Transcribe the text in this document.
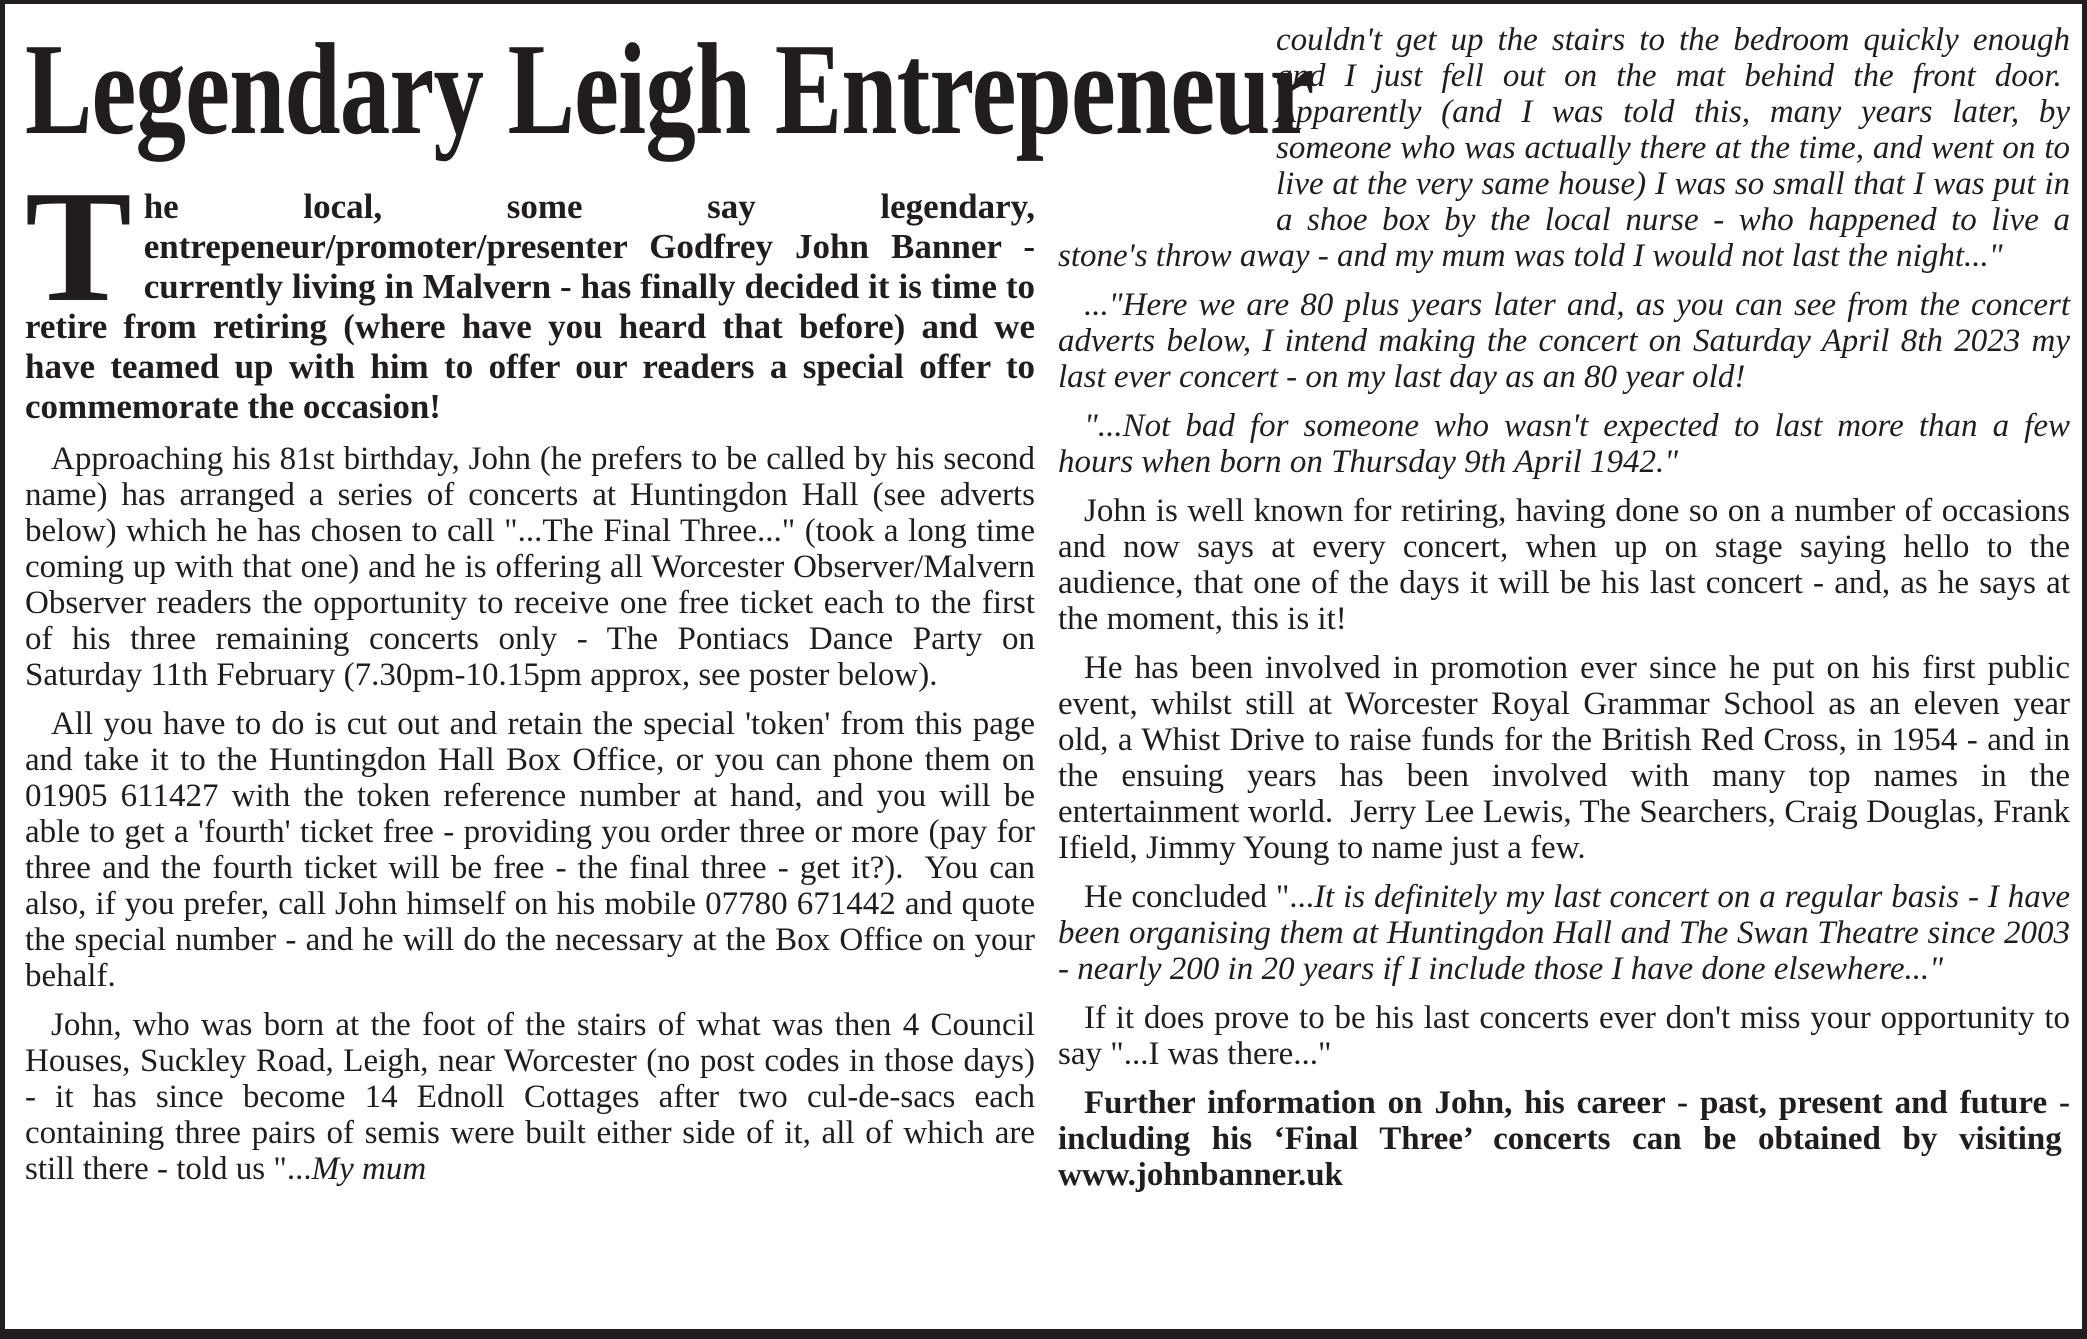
Legendary Leigh Entrepeneur

The local, some say legendary, entrepeneur/promoter/presenter Godfrey John Banner - currently living in Malvern - has finally decided it is time to retire from retiring (where have you heard that before) and we have teamed up with him to offer our readers a special offer to commemorate the occasion!

Approaching his 81st birthday, John (he prefers to be called by his second name) has arranged a series of concerts at Huntingdon Hall (see adverts below) which he has chosen to call "...The Final Three..." (took a long time coming up with that one) and he is offering all Worcester Observer/Malvern Observer readers the opportunity to receive one free ticket each to the first of his three remaining concerts only - The Pontiacs Dance Party on Saturday 11th February (7.30pm-10.15pm approx, see poster below).

All you have to do is cut out and retain the special 'token' from this page and take it to the Huntingdon Hall Box Office, or you can phone them on 01905 611427 with the token reference number at hand, and you will be able to get a 'fourth' ticket free - providing you order three or more (pay for three and the fourth ticket will be free - the final three - get it?).  You can also, if you prefer, call John himself on his mobile 07780 671442 and quote the special number - and he will do the necessary at the Box Office on your behalf.

John, who was born at the foot of the stairs of what was then 4 Council Houses, Suckley Road, Leigh, near Worcester (no post codes in those days) - it has since become 14 Ednoll Cottages after two cul-de-sacs each containing three pairs of semis were built either side of it, all of which are still there - told us "...My mum

couldn't get up the stairs to the bedroom quickly enough and I just fell out on the mat behind the front door.  Apparently (and I was told this, many years later, by someone who was actually there at the time, and went on to live at the very same house) I was so small that I was put in a shoe box by the local nurse - who happened to live a stone's throw away - and my mum was told I would not last the night..."

..."Here we are 80 plus years later and, as you can see from the concert adverts below, I intend making the concert on Saturday April 8th 2023 my last ever concert - on my last day as an 80 year old!

"...Not bad for someone who wasn't expected to last more than a few hours when born on Thursday 9th April 1942."

John is well known for retiring, having done so on a number of occasions and now says at every concert, when up on stage saying hello to the audience, that one of the days it will be his last concert - and, as he says at the moment, this is it!

He has been involved in promotion ever since he put on his first public event, whilst still at Worcester Royal Grammar School as an eleven year old, a Whist Drive to raise funds for the British Red Cross, in 1954 - and in the ensuing years has been involved with many top names in the entertainment world.  Jerry Lee Lewis, The Searchers, Craig Douglas, Frank Ifield, Jimmy Young to name just a few.

He concluded "...It is definitely my last concert on a regular basis - I have been organising them at Huntingdon Hall and The Swan Theatre since 2003 - nearly 200 in 20 years if I include those I have done elsewhere..."

If it does prove to be his last concerts ever don't miss your opportunity to say "...I was there..."

Further information on John, his career - past, present and future - including his ‘Final Three’ concerts can be obtained by visiting  www.johnbanner.uk
